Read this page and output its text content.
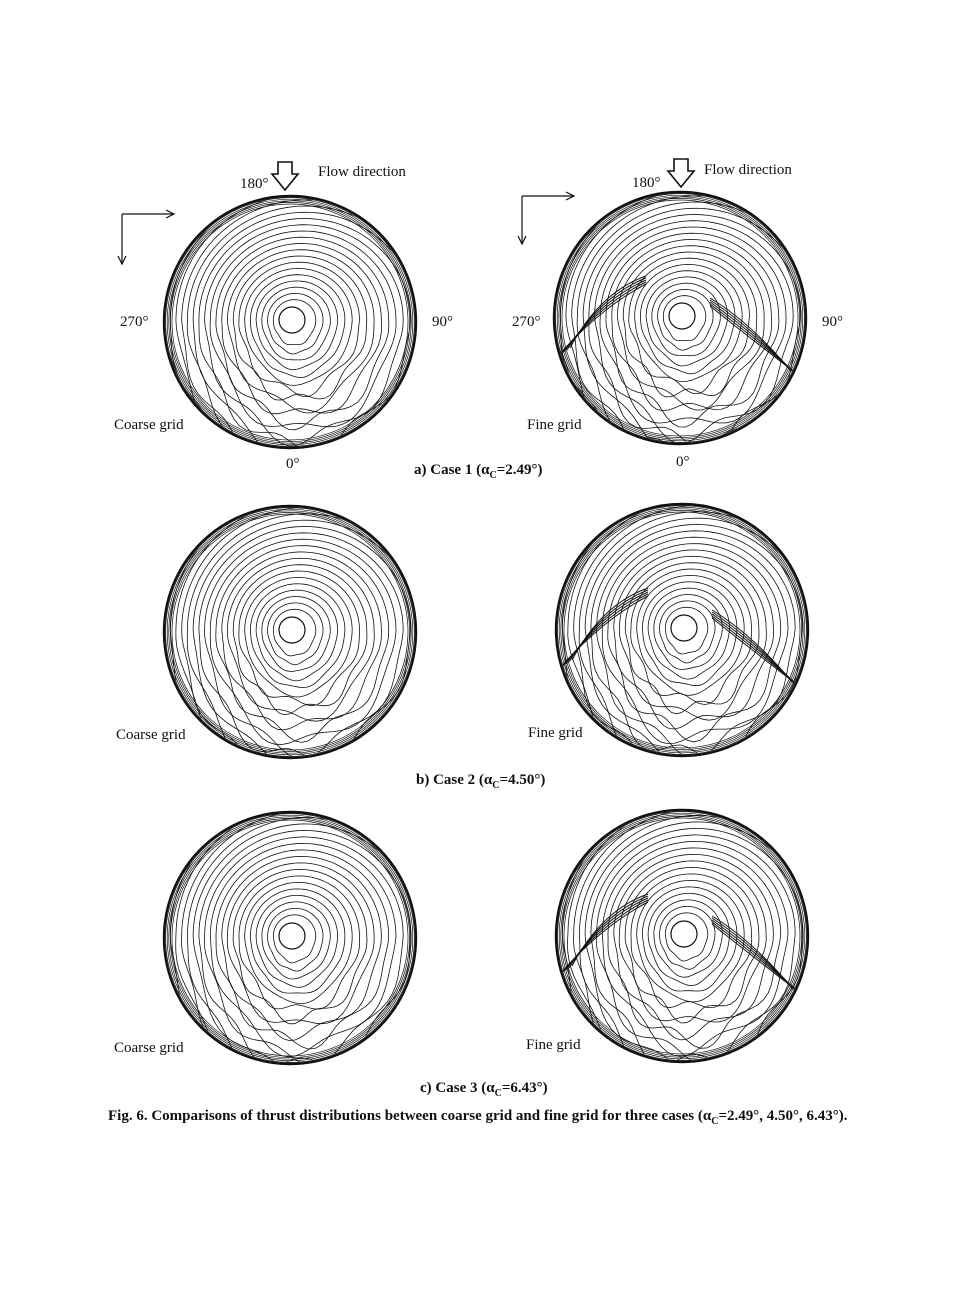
Flow direction
180°
270°	90°
0°
Coarse grid
Flow direction
180°
270°	90°
0°
Fine grid
a) Case 1 $(\alpha_C=2.49^\circ)$
Coarse grid	Fine grid
b) Case 2 $(\alpha_C=4.50^\circ)$
Coarse grid	Fine grid
c) Case 3 $(\alpha_C=6.43^\circ)$
Fig. 6. Comparisons of thrust distributions between coarse grid and fine grid for three cases ($\alpha_C=2.49^\circ$, 4.50°, 6.43°).
